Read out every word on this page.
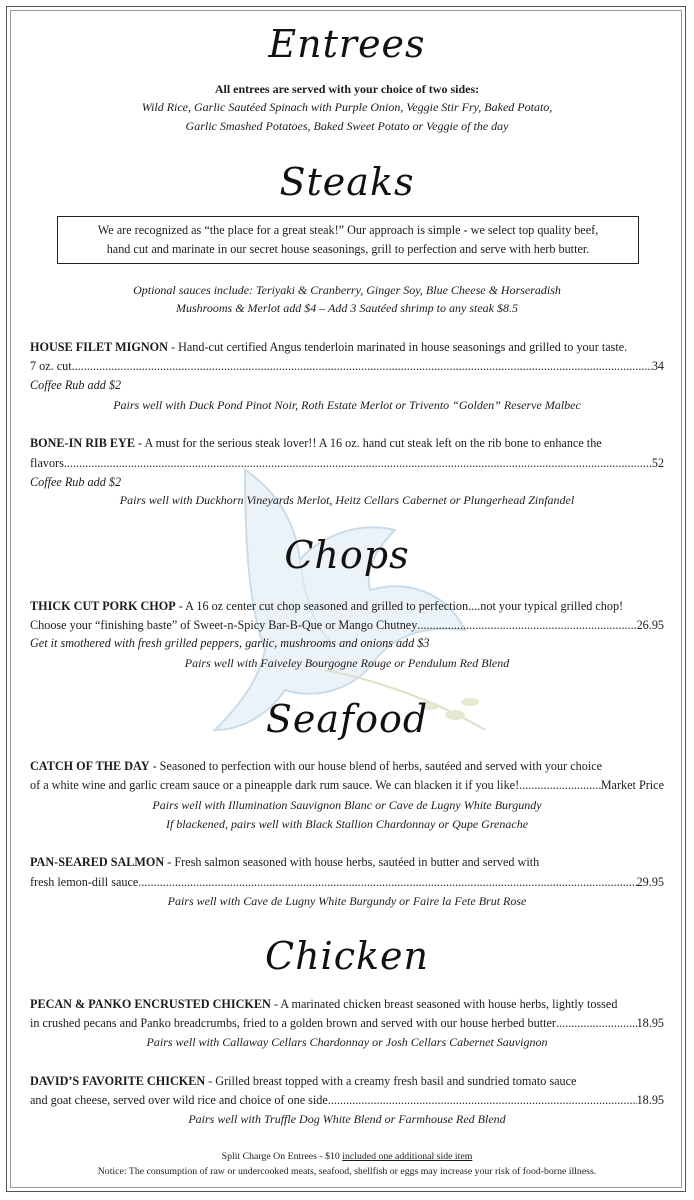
Entrees
All entrees are served with your choice of two sides:
Wild Rice, Garlic Sautéed Spinach with Purple Onion, Veggie Stir Fry, Baked Potato,
Garlic Smashed Potatoes, Baked Sweet Potato or Veggie of the day
Steaks
We are recognized as “the place for a great steak!” Our approach is simple - we select top quality beef,
hand cut and marinate in our secret house seasonings, grill to perfection and serve with herb butter.
Optional sauces include: Teriyaki & Cranberry, Ginger Soy, Blue Cheese & Horseradish
Mushrooms & Merlot add $4 – Add 3 Sautéed shrimp to any steak $8.5
HOUSE FILET MIGNON - Hand-cut certified Angus tenderloin marinated in house seasonings and grilled to your taste.
7 oz. cut .....	34
Coffee Rub add $2
Pairs well with Duck Pond Pinot Noir, Roth Estate Merlot or Trivento “Golden” Reserve Malbec
BONE-IN RIB EYE - A must for the serious steak lover!! A 16 oz. hand cut steak left on the rib bone to enhance the
flavors .....	52
Coffee Rub add $2
Pairs well with Duckhorn Vineyards Merlot, Heitz Cellars Cabernet or Plungerhead Zinfandel
Chops
THICK CUT PORK CHOP - A 16 oz center cut chop seasoned and grilled to perfection....not your typical grilled chop!
Choose your “finishing baste” of Sweet-n-Spicy Bar-B-Que or Mango Chutney .....	26.95
Get it smothered with fresh grilled peppers, garlic, mushrooms and onions add $3
Pairs well with Faiveley Bourgogne Rouge or Pendulum Red Blend
Seafood
CATCH OF THE DAY - Seasoned to perfection with our house blend of herbs, sautéed and served with your choice
of a white wine and garlic cream sauce or a pineapple dark rum sauce. We can blacken it if you like! .....	Market Price
Pairs well with Illumination Sauvignon Blanc or Cave de Lugny White Burgundy
If blackened, pairs well with Black Stallion Chardonnay or Qupe Grenache
PAN-SEARED SALMON - Fresh salmon seasoned with house herbs, sautéed in butter and served with
fresh lemon-dill sauce .....	29.95
Pairs well with Cave de Lugny White Burgundy or Faire la Fete Brut Rose
Chicken
PECAN & PANKO ENCRUSTED CHICKEN - A marinated chicken breast seasoned with house herbs, lightly tossed
in crushed pecans and Panko breadcrumbs, fried to a golden brown and served with our house herbed butter .....	18.95
Pairs well with Callaway Cellars Chardonnay or Josh Cellars Cabernet Sauvignon
DAVID’S FAVORITE CHICKEN - Grilled breast topped with a creamy fresh basil and sundried tomato sauce
and goat cheese, served over wild rice and choice of one side .....	18.95
Pairs well with Truffle Dog White Blend or Farmhouse Red Blend
Split Charge On Entrees - $10 included one additional side item
Notice: The consumption of raw or undercooked meats, seafood, shellfish or eggs may increase your risk of food-borne illness.
